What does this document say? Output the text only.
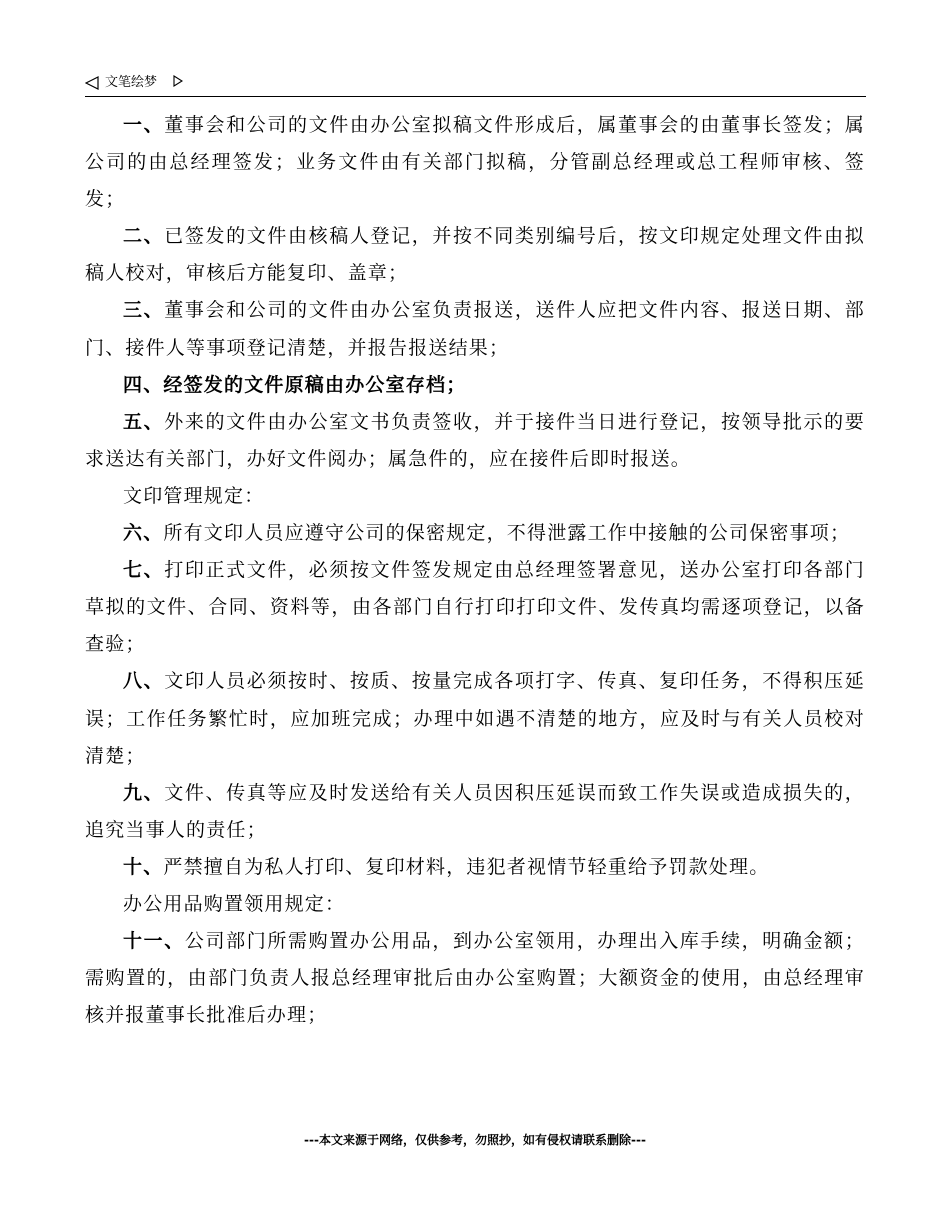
文笔绘梦

一、董事会和公司的文件由办公室拟稿文件形成后，属董事会的由董事长签发；属公司的由总经理签发；业务文件由有关部门拟稿，分管副总经理或总工程师审核、签发；

二、已签发的文件由核稿人登记，并按不同类别编号后，按文印规定处理文件由拟稿人校对，审核后方能复印、盖章；

三、董事会和公司的文件由办公室负责报送，送件人应把文件内容、报送日期、部门、接件人等事项登记清楚，并报告报送结果；

四、经签发的文件原稿由办公室存档；

五、外来的文件由办公室文书负责签收，并于接件当日进行登记，按领导批示的要求送达有关部门，办好文件阅办；属急件的，应在接件后即时报送。

文印管理规定：

六、所有文印人员应遵守公司的保密规定，不得泄露工作中接触的公司保密事项；

七、打印正式文件，必须按文件签发规定由总经理签署意见，送办公室打印各部门草拟的文件、合同、资料等，由各部门自行打印打印文件、发传真均需逐项登记，以备查验；

八、文印人员必须按时、按质、按量完成各项打字、传真、复印任务，不得积压延误；工作任务繁忙时，应加班完成；办理中如遇不清楚的地方，应及时与有关人员校对清楚；

九、文件、传真等应及时发送给有关人员因积压延误而致工作失误或造成损失的，追究当事人的责任；

十、严禁擅自为私人打印、复印材料，违犯者视情节轻重给予罚款处理。

办公用品购置领用规定：

十一、公司部门所需购置办公用品，到办公室领用，办理出入库手续，明确金额；需购置的，由部门负责人报总经理审批后由办公室购置；大额资金的使用，由总经理审核并报董事长批准后办理；

---本文来源于网络，仅供参考，勿照抄，如有侵权请联系删除---
